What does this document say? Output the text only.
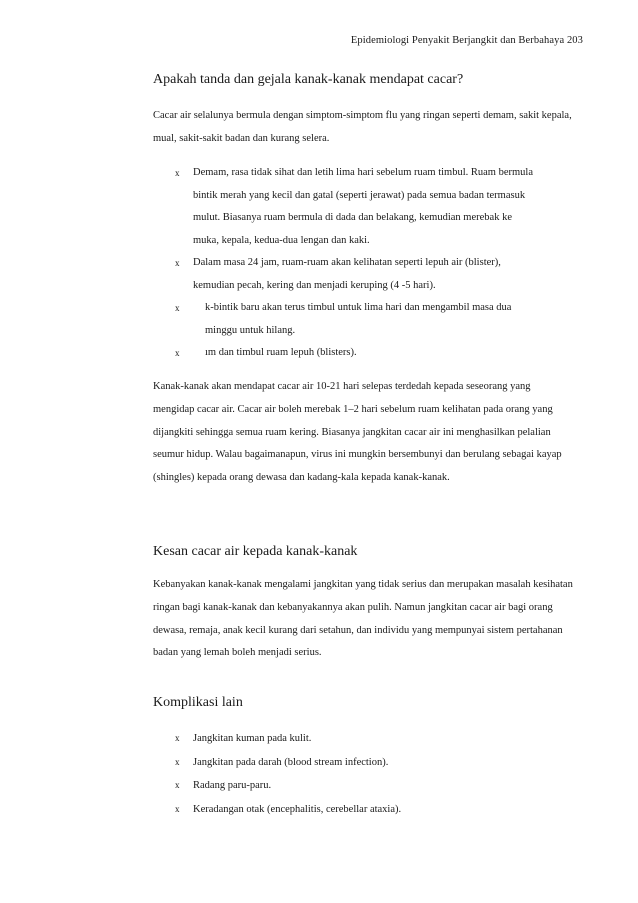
Epidemiologi Penyakit Berjangkit dan Berbahaya 203
Apakah tanda dan gejala kanak-kanak mendapat cacar?

Cacar air selalunya bermula dengan simptom-simptom flu yang ringan seperti demam, sakit kepala, mual, sakit-sakit badan dan kurang selera.

x Demam, rasa tidak sihat dan letih lima hari sebelum ruam timbul. Ruam bermula bintik merah yang kecil dan gatal (seperti jerawat) pada semua badan termasuk mulut. Biasanya ruam bermula di dada dan belakang, kemudian merebak ke muka, kepala, kedua-dua lengan dan kaki.
x Dalam masa 24 jam, ruam-ruam akan kelihatan seperti lepuh air (blister), kemudian pecah, kering dan menjadi keruping (4 -5 hari).
x	k-bintik baru akan terus timbul untuk lima hari dan mengambil masa dua minggu untuk hilang.
x	ım dan timbul ruam lepuh (blisters).

Kanak-kanak akan mendapat cacar air 10-21 hari selepas terdedah kepada seseorang yang mengidap cacar air. Cacar air boleh merebak 1–2 hari sebelum ruam kelihatan pada orang yang dijangkiti sehingga semua ruam kering. Biasanya jangkitan cacar air ini menghasilkan pelalian seumur hidup. Walau bagaimanapun, virus ini mungkin bersembunyi dan berulang sebagai kayap (shingles) kepada orang dewasa dan kadang-kala kepada kanak-kanak.

Kesan cacar air kepada kanak-kanak

Kebanyakan kanak-kanak mengalami jangkitan yang tidak serius dan merupakan masalah kesihatan ringan bagi kanak-kanak dan kebanyakannya akan pulih. Namun jangkitan cacar air bagi orang dewasa, remaja, anak kecil kurang dari setahun, dan individu yang mempunyai sistem pertahanan badan yang lemah boleh menjadi serius.

Komplikasi lain
x Jangkitan kuman pada kulit.
x Jangkitan pada darah (blood stream infection).
x Radang paru-paru.
x Keradangan otak (encephalitis, cerebellar ataxia).
